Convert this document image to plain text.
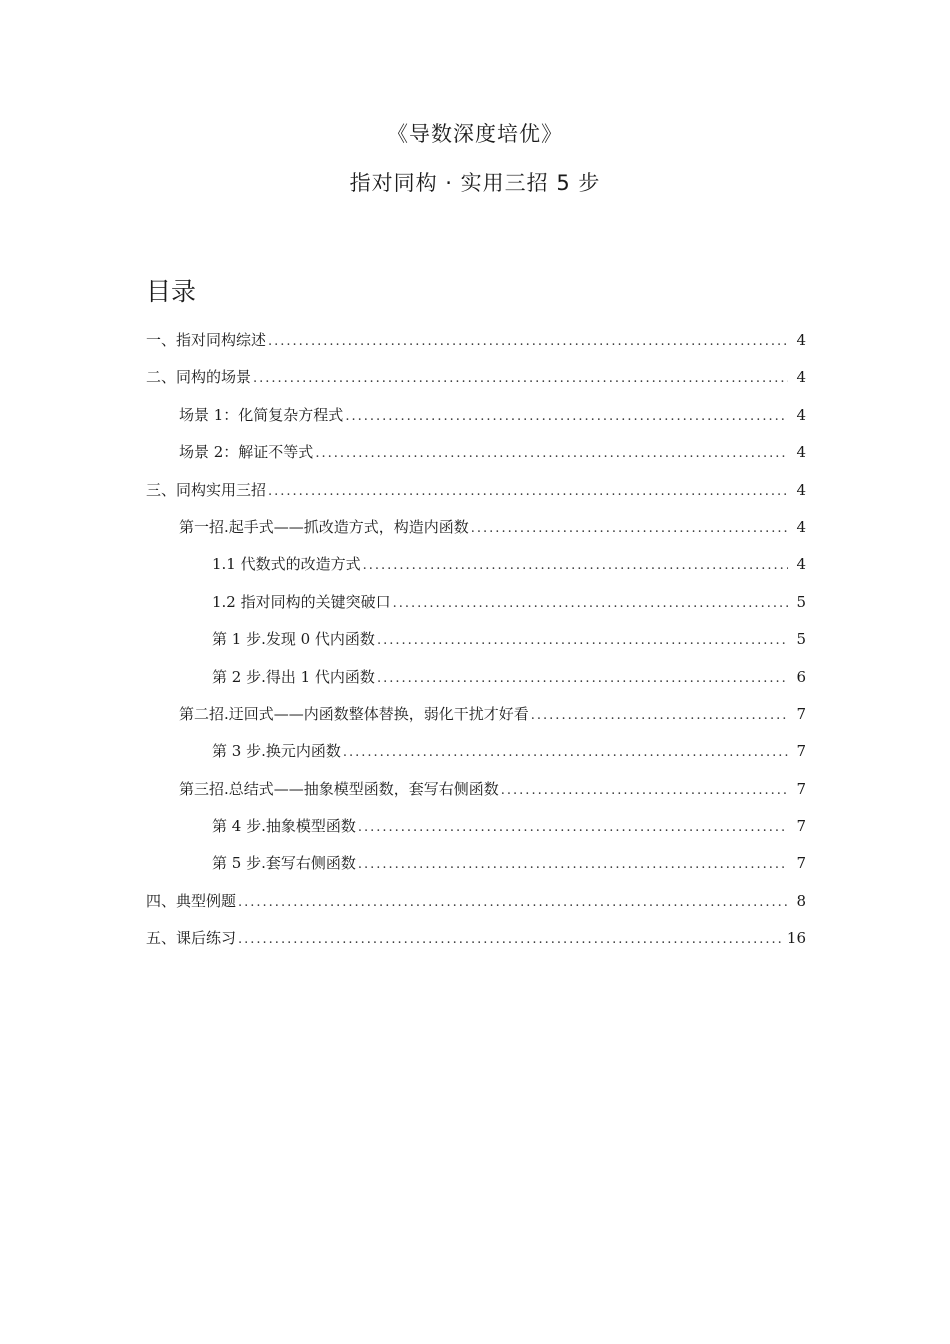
《导数深度培优》
指对同构 · 实用三招 5 步
目录
一、指对同构综述 .....	4
二、同构的场景 .....	4
场景 1：化简复杂方程式 .....	4
场景 2：解证不等式 .....	4
三、同构实用三招 .....	4
第一招.起手式——抓改造方式，构造内函数 .....	4
1.1 代数式的改造方式 .....	4
1.2 指对同构的关键突破口 .....	5
第 1 步.发现 0 代内函数 .....	5
第 2 步.得出 1 代内函数 .....	6
第二招.迂回式——内函数整体替换，弱化干扰才好看 .....	7
第 3 步.换元内函数 .....	7
第三招.总结式——抽象模型函数，套写右侧函数 .....	7
第 4 步.抽象模型函数 .....	7
第 5 步.套写右侧函数 .....	7
四、典型例题 .....	8
五、课后练习 .....	16
